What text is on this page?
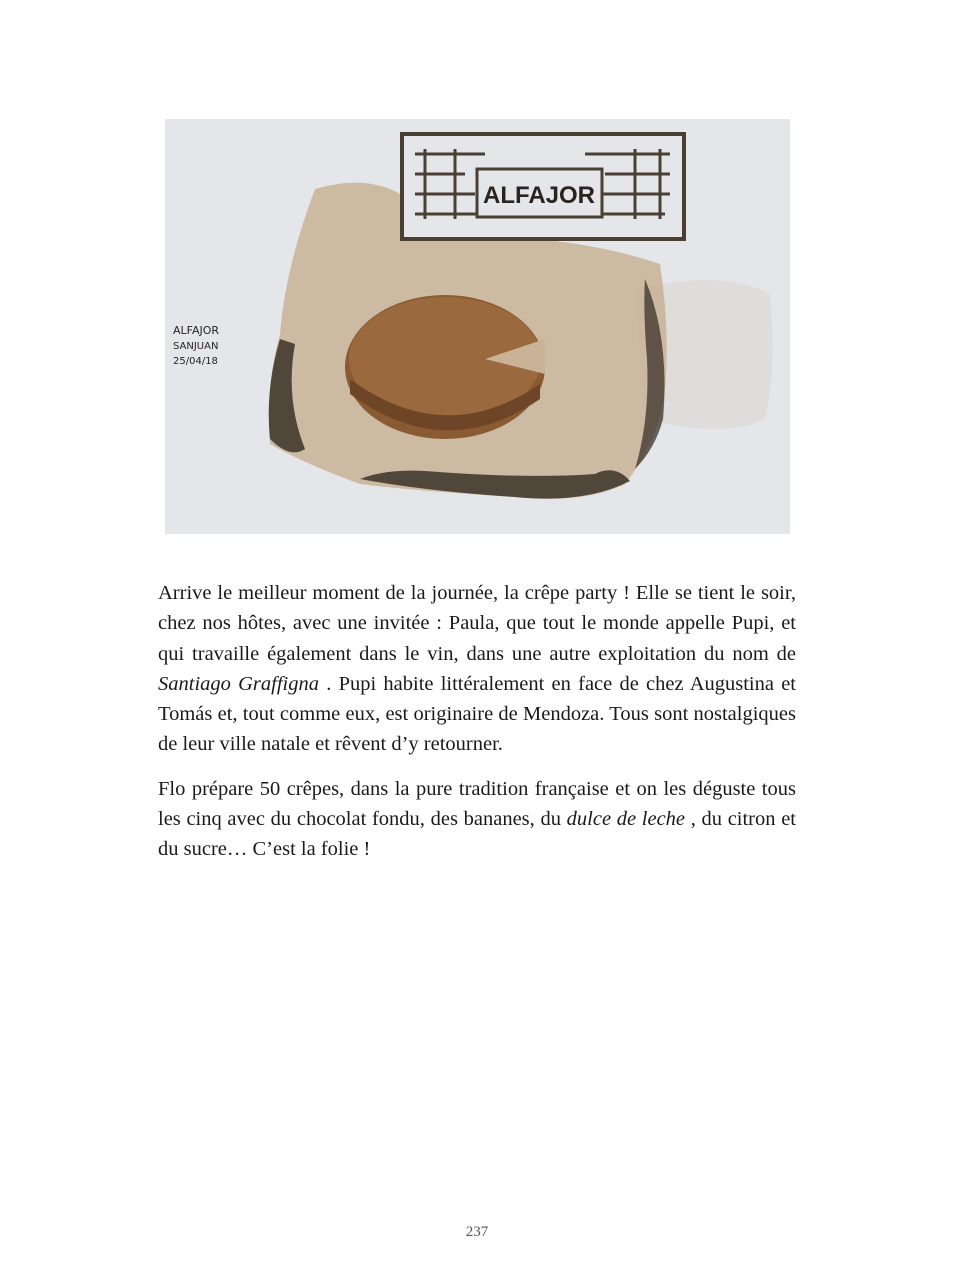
ALFAJOR
ALFAJOR
SANJUAN
25/04/18

Arrive le meilleur moment de la journée, la crêpe party ! Elle se tient le soir, chez nos hôtes, avec une invitée : Paula, que tout le monde appelle Pupi, et qui travaille également dans le vin, dans une autre exploitation du nom de Santiago Graffigna . Pupi habite littéralement en face de chez Augustina et Tomás et, tout comme eux, est originaire de Mendoza. Tous sont nostalgiques de leur ville natale et rêvent d’y retourner.

Flo prépare 50 crêpes, dans la pure tradition française et on les déguste tous les cinq avec du chocolat fondu, des bananes, du dulce de leche , du citron et du sucre… C’est la folie !

237
